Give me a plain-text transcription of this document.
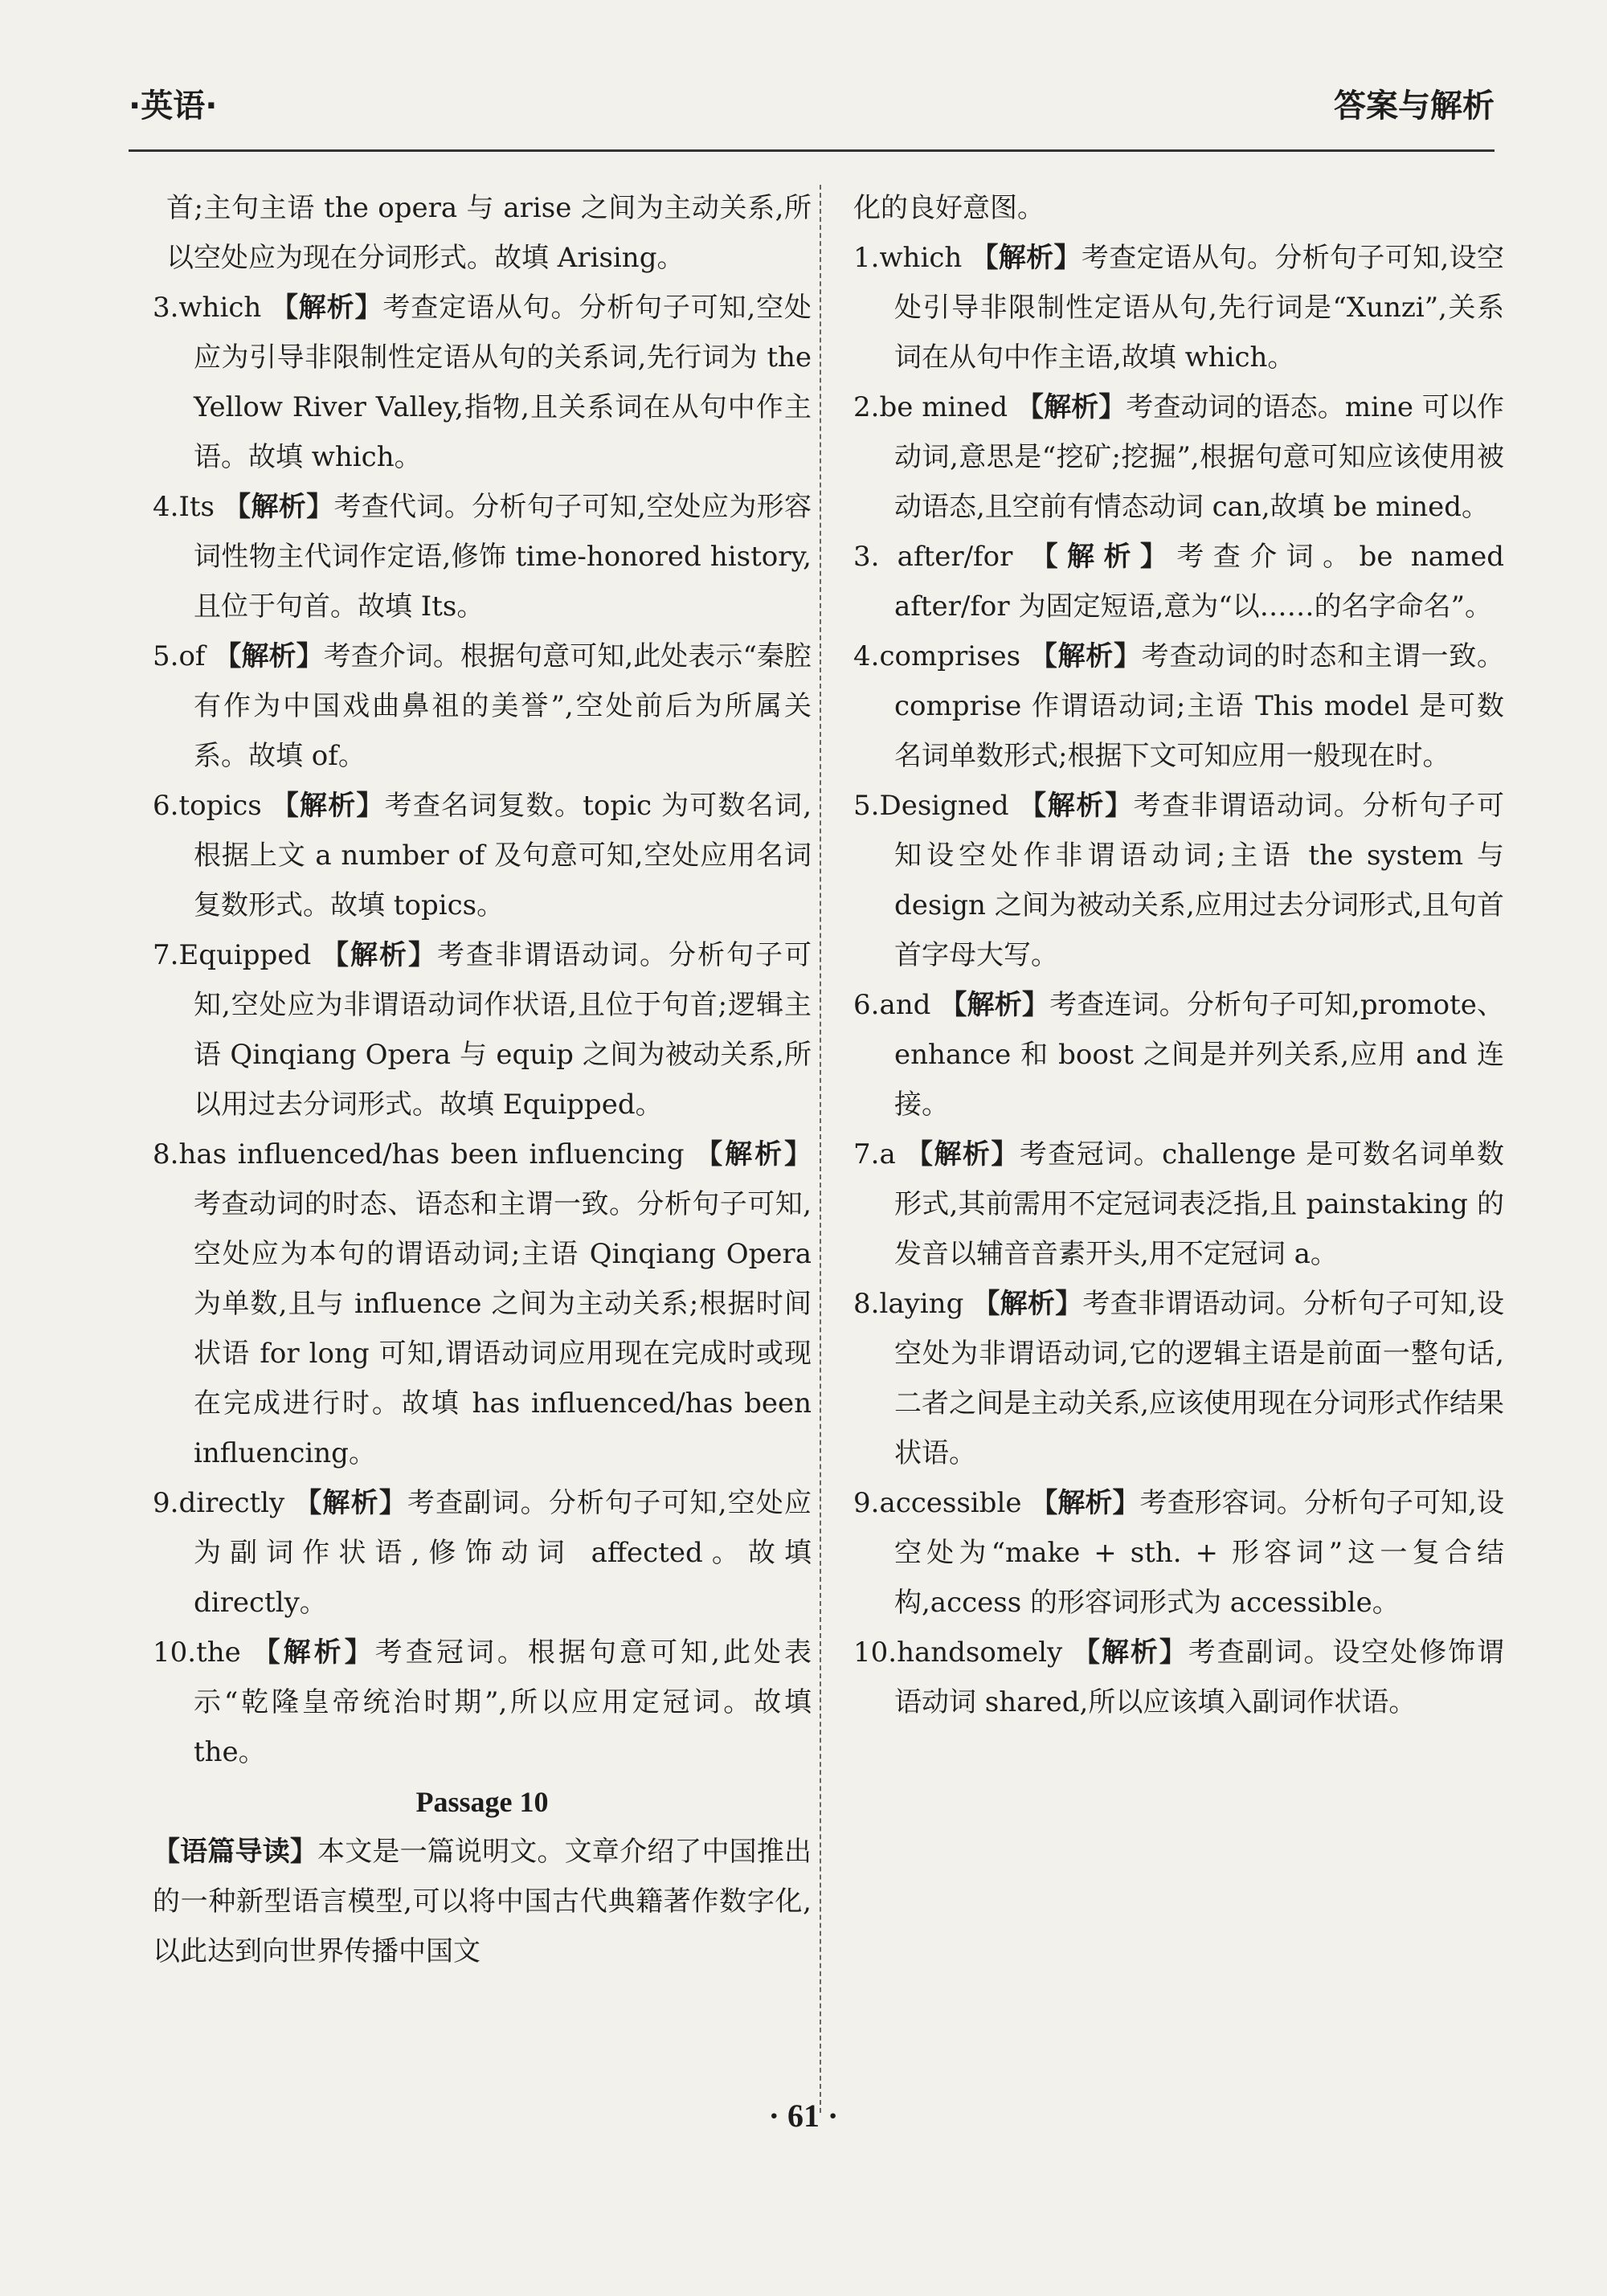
·英语·	答案与解析

首;主句主语 the opera 与 arise 之间为主动关系,所以空处应为现在分词形式。故填 Arising。

3.which 【解析】考查定语从句。分析句子可知,空处应为引导非限制性定语从句的关系词,先行词为 the Yellow River Valley,指物,且关系词在从句中作主语。故填 which。

4.Its 【解析】考查代词。分析句子可知,空处应为形容词性物主代词作定语,修饰 time-honored history,且位于句首。故填 Its。

5.of 【解析】考查介词。根据句意可知,此处表示“秦腔有作为中国戏曲鼻祖的美誉”,空处前后为所属关系。故填 of。

6.topics 【解析】考查名词复数。topic 为可数名词,根据上文 a number of 及句意可知,空处应用名词复数形式。故填 topics。

7.Equipped 【解析】考查非谓语动词。分析句子可知,空处应为非谓语动词作状语,且位于句首;逻辑主语 Qinqiang Opera 与 equip 之间为被动关系,所以用过去分词形式。故填 Equipped。

8.has influenced/has been influencing 【解析】考查动词的时态、语态和主谓一致。分析句子可知,空处应为本句的谓语动词;主语 Qinqiang Opera 为单数,且与 influence 之间为主动关系;根据时间状语 for long 可知,谓语动词应用现在完成时或现在完成进行时。故填 has influenced/has been influencing。

9.directly 【解析】考查副词。分析句子可知,空处应为副词作状语,修饰动词 affected。故填 directly。

10.the 【解析】考查冠词。根据句意可知,此处表示“乾隆皇帝统治时期”,所以应用定冠词。故填 the。

Passage 10

【语篇导读】本文是一篇说明文。文章介绍了中国推出的一种新型语言模型,可以将中国古代典籍著作数字化,以此达到向世界传播中国文

化的良好意图。

1.which 【解析】考查定语从句。分析句子可知,设空处引导非限制性定语从句,先行词是“Xunzi”,关系词在从句中作主语,故填 which。

2.be mined 【解析】考查动词的语态。mine 可以作动词,意思是“挖矿;挖掘”,根据句意可知应该使用被动语态,且空前有情态动词 can,故填 be mined。

3. after/for 【解析】考查介词。be named after/for 为固定短语,意为“以……的名字命名”。

4.comprises 【解析】考查动词的时态和主谓一致。comprise 作谓语动词;主语 This model 是可数名词单数形式;根据下文可知应用一般现在时。

5.Designed 【解析】考查非谓语动词。分析句子可知设空处作非谓语动词;主语 the system 与 design 之间为被动关系,应用过去分词形式,且句首首字母大写。

6.and 【解析】考查连词。分析句子可知,promote、enhance 和 boost 之间是并列关系,应用 and 连接。

7.a 【解析】考查冠词。challenge 是可数名词单数形式,其前需用不定冠词表泛指,且 painstaking 的发音以辅音音素开头,用不定冠词 a。

8.laying 【解析】考查非谓语动词。分析句子可知,设空处为非谓语动词,它的逻辑主语是前面一整句话,二者之间是主动关系,应该使用现在分词形式作结果状语。

9.accessible 【解析】考查形容词。分析句子可知,设空处为“make + sth. + 形容词”这一复合结构,access 的形容词形式为 accessible。

10.handsomely 【解析】考查副词。设空处修饰谓语动词 shared,所以应该填入副词作状语。

· 61 ·
